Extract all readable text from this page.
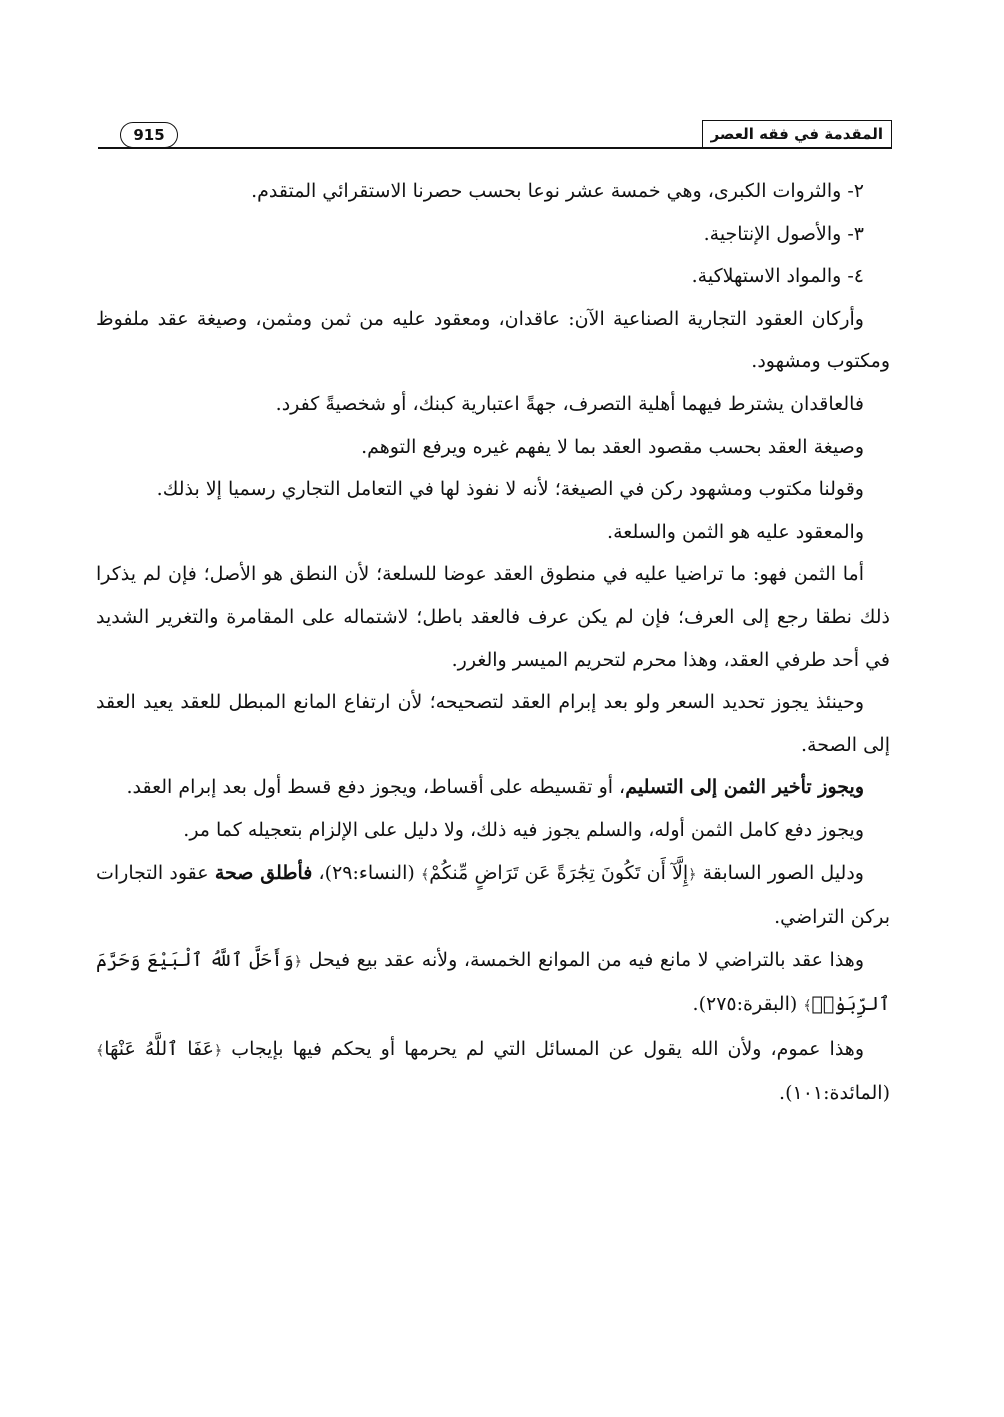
المقدمة في فقه العصر
915

٢- والثروات الكبرى، وهي خمسة عشر نوعا بحسب حصرنا الاستقرائي المتقدم.

٣- والأصول الإنتاجية.

٤- والمواد الاستهلاكية.

وأركان العقود التجارية الصناعية الآن: عاقدان، ومعقود عليه من ثمن ومثمن، وصيغة عقد ملفوظ ومكتوب ومشهود.

فالعاقدان يشترط فيهما أهلية التصرف، جهةً اعتبارية كبنك، أو شخصيةً كفرد.

وصيغة العقد بحسب مقصود العقد بما لا يفهم غيره ويرفع التوهم.

وقولنا مكتوب ومشهود ركن في الصيغة؛ لأنه لا نفوذ لها في التعامل التجاري رسميا إلا بذلك.

والمعقود عليه هو الثمن والسلعة.

أما الثمن فهو: ما تراضيا عليه في منطوق العقد عوضا للسلعة؛ لأن النطق هو الأصل؛ فإن لم يذكرا ذلك نطقا رجع إلى العرف؛ فإن لم يكن عرف فالعقد باطل؛ لاشتماله على المقامرة والتغرير الشديد في أحد طرفي العقد، وهذا محرم لتحريم الميسر والغرر.

وحينئذ يجوز تحديد السعر ولو بعد إبرام العقد لتصحيحه؛ لأن ارتفاع المانع المبطل للعقد يعيد العقد إلى الصحة.

ويجوز تأخير الثمن إلى التسليم، أو تقسيطه على أقساط، ويجوز دفع قسط أول بعد إبرام العقد.

ويجوز دفع كامل الثمن أوله، والسلم يجوز فيه ذلك، ولا دليل على الإلزام بتعجيله كما مر.

ودليل الصور السابقة ﴿إِلَّآ أَن تَكُونَ تِجَٰرَةً عَن تَرَاضٍ مِّنكُمْ﴾ (النساء:٢٩)، فأطلق صحة عقود التجارات بركن التراضي.

وهذا عقد بالتراضي لا مانع فيه من الموانع الخمسة، ولأنه عقد بيع فيحل ﴿وَأَحَلَّ ٱللَّهُ ٱلْبَيْعَ وَحَرَّمَ ٱلرِّبَوٰا۟﴾ (البقرة:٢٧٥).

وهذا عموم، ولأن الله يقول عن المسائل التي لم يحرمها أو يحكم فيها بإيجاب ﴿عَفَا ٱللَّهُ عَنْهَا﴾ (المائدة:١٠١).
